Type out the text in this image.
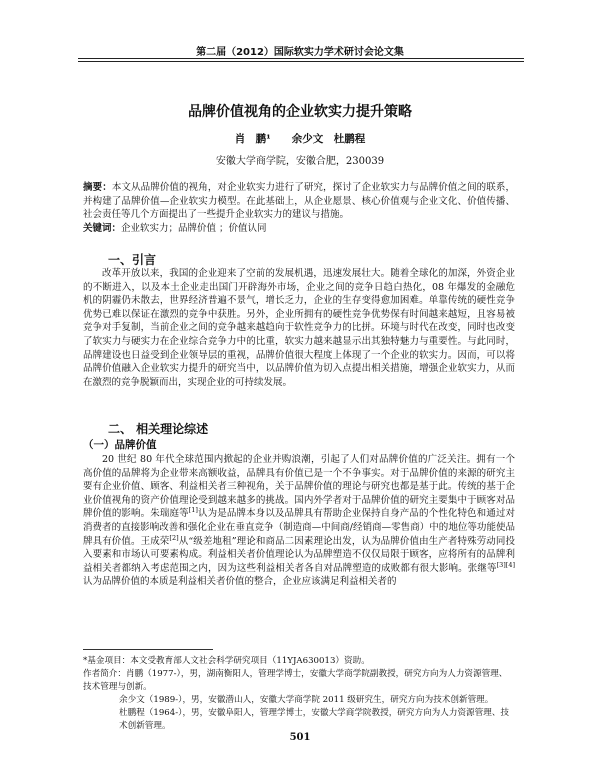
第二届（2012）国际软实力学术研讨会论文集
品牌价值视角的企业软实力提升策略
肖　鹏¹　　余少文　杜鹏程
安徽大学商学院，安徽合肥，230039

摘要：本文从品牌价值的视角，对企业软实力进行了研究，探讨了企业软实力与品牌价值之间的联系，并构建了品牌价值—企业软实力模型。在此基础上，从企业愿景、核心价值观与企业文化、价值传播、社会责任等几个方面提出了一些提升企业软实力的建议与措施。

关键词：企业软实力；品牌价值 ；价值认同

一、引言
改革开放以来，我国的企业迎来了空前的发展机遇，迅速发展壮大。随着全球化的加深，外资企业的不断进入，以及本土企业走出国门开辟海外市场，企业之间的竞争日趋白热化，08 年爆发的金融危机的阴霾仍未散去，世界经济普遍不景气，增长乏力，企业的生存变得愈加困难。单靠传统的硬性竞争优势已难以保证在激烈的竞争中获胜。另外，企业所拥有的硬性竞争优势保有时间越来越短，且容易被竞争对手复制，当前企业之间的竞争越来越趋向于软性竞争力的比拼。环境与时代在改变，同时也改变了软实力与硬实力在企业综合竞争力中的比重，软实力越来越显示出其独特魅力与重要性。与此同时，品牌建设也日益受到企业领导层的重视，品牌价值很大程度上体现了一个企业的软实力。因而，可以将品牌价值融入企业软实力提升的研究当中，以品牌价值为切入点提出相关措施，增强企业软实力，从而在激烈的竞争脱颖而出，实现企业的可持续发展。
二、 相关理论综述
（一）品牌价值
20 世纪 80 年代全球范围内掀起的企业并购浪潮，引起了人们对品牌价值的广泛关注。拥有一个高价值的品牌将为企业带来高额收益，品牌具有价值已是一个不争事实。对于品牌价值的来源的研究主要有企业价值、顾客、利益相关者三种视角，关于品牌价值的理论与研究也都是基于此。传统的基于企业价值视角的资产价值理论受到越来越多的挑战。国内外学者对于品牌价值的研究主要集中于顾客对品牌价值的影响。朱瑞庭等[1]认为是品牌本身以及品牌具有帮助企业保持自身产品的个性化特色和通过对消费者的直接影响改善和强化企业在垂直竞争（制造商—中间商/经销商—零售商）中的地位等功能使品牌具有价值。王成荣[2]从“级差地租”理论和商品二因素理论出发，认为品牌价值由生产者特殊劳动同投入要素和市场认可要素构成。利益相关者价值理论认为品牌塑造不仅仅局限于顾客，应将所有的品牌利益相关者都纳入考虑范围之内，因为这些利益相关者各自对品牌塑造的成败都有很大影响。张继等[3][4]认为品牌价值的本质是利益相关者价值的整合，企业应该满足利益相关者的

*基金项目：本文受教育部人文社会科学研究项目（11YJA630013）资助。

作者简介：肖鹏（1977-），男，湖南衡阳人，管理学博士，安徽大学商学院副教授，研究方向为人力资源管理、技术管理与创新。

余少文（1989-），男，安徽潜山人，安徽大学商学院 2011 级研究生，研究方向为技术创新管理。

杜鹏程（1964-），男，安徽阜阳人，管理学博士，安徽大学商学院教授，研究方向为人力资源管理、技术创新管理。

501
